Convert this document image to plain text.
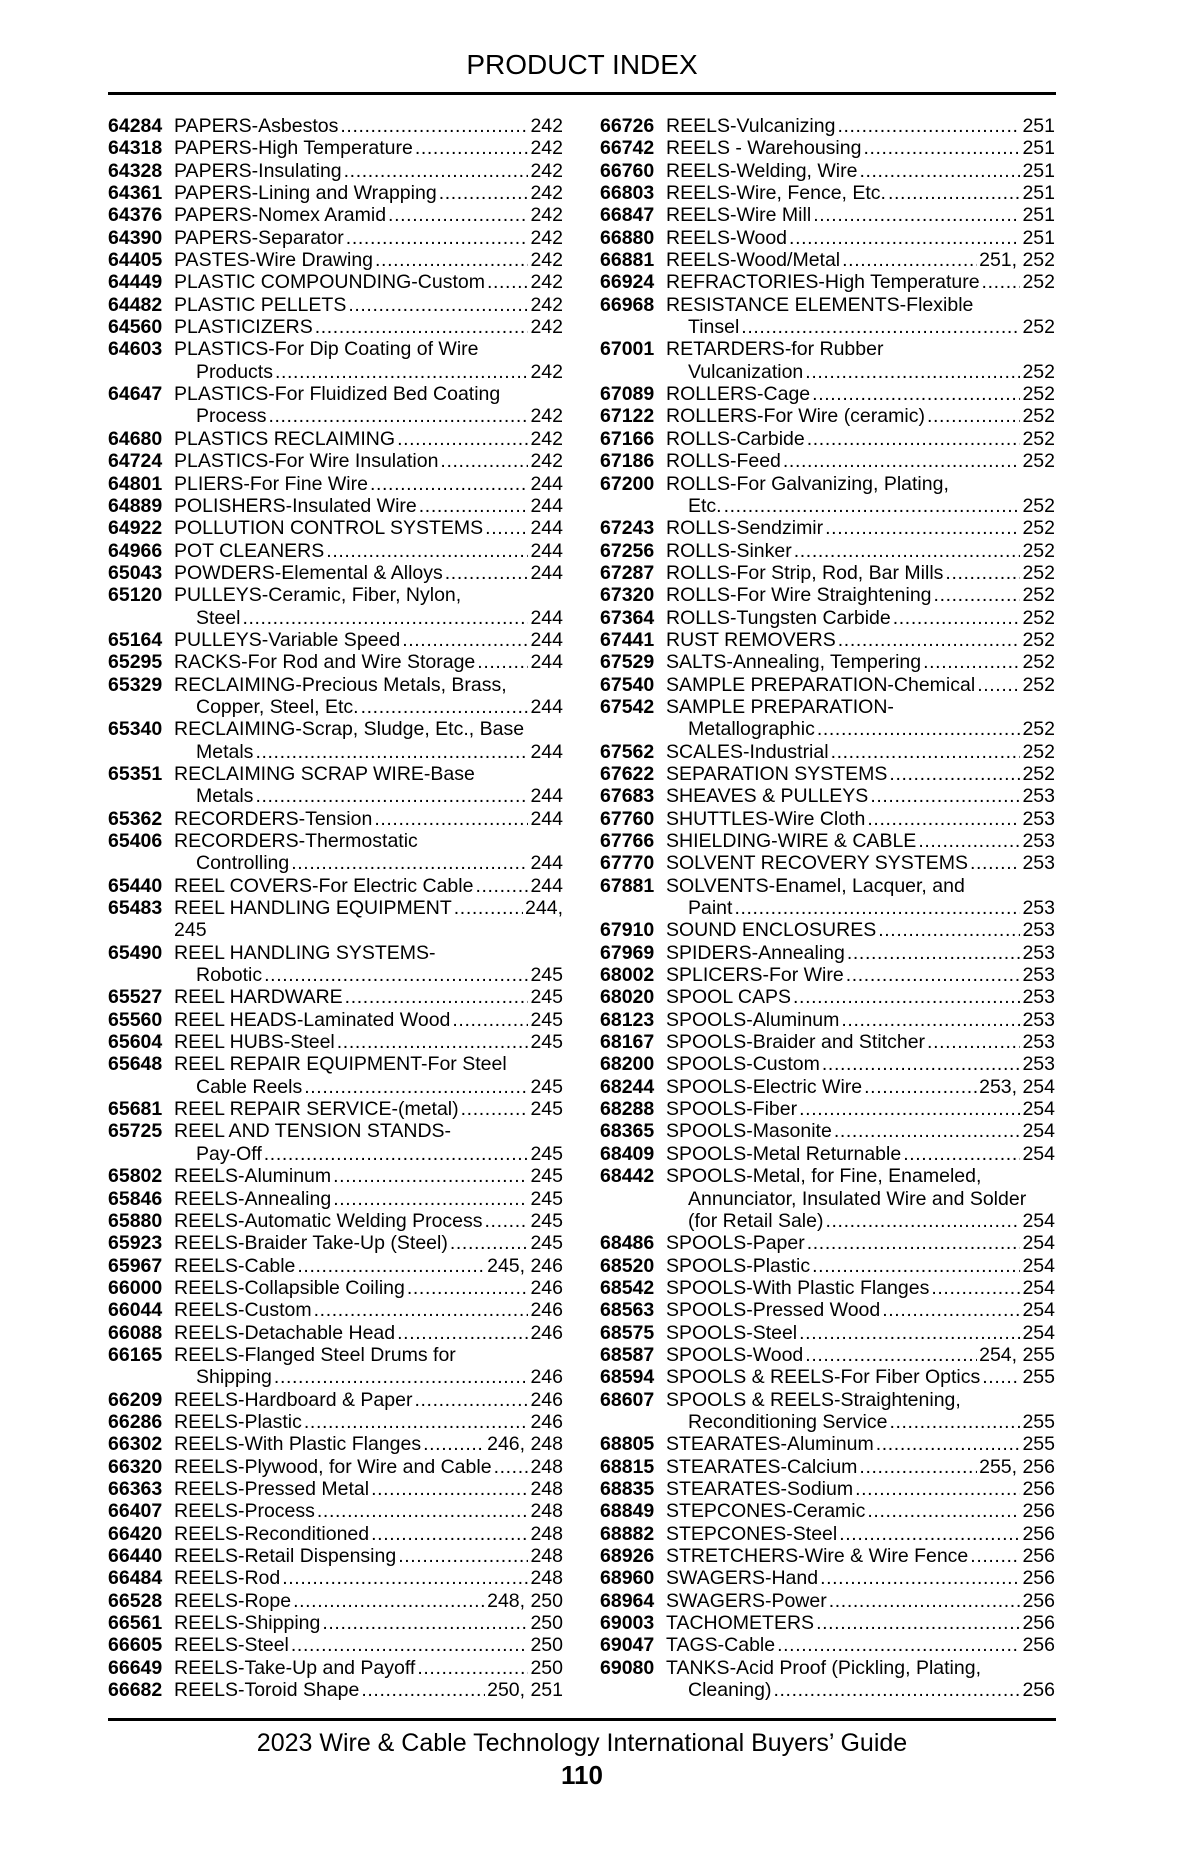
PRODUCT INDEX
64284 PAPERS-Asbestos . . .	242
64318 PAPERS-High Temperature . . .	242
64328 PAPERS-Insulating . . .	242
64361 PAPERS-Lining and Wrapping . . .	242
64376 PAPERS-Nomex Aramid . . .	242
64390 PAPERS-Separator . . .	242
64405 PASTES-Wire Drawing . . .	242
64449 PLASTIC COMPOUNDING-Custom . . . 242
64482 PLASTIC PELLETS . . .	242
64560 PLASTICIZERS . . .	242
64603 PLASTICS-For Dip Coating of Wire
Products . . .	242
64647 PLASTICS-For Fluidized Bed Coating
Process . . .	242
64680 PLASTICS RECLAIMING . . .	242
64724 PLASTICS-For Wire Insulation . . .	242
64801 PLIERS-For Fine Wire . . .	244
64889 POLISHERS-Insulated Wire . . .	244
64922 POLLUTION CONTROL SYSTEMS . . . 244
64966 POT CLEANERS . . .	244
65043 POWDERS-Elemental & Alloys . . .	244
65120 PULLEYS-Ceramic, Fiber, Nylon,
Steel . . .	244
65164 PULLEYS-Variable Speed . . .	244
65295 RACKS-For Rod and Wire Storage . . .	244
65329 RECLAIMING-Precious Metals, Brass,
Copper, Steel, Etc. . . .	244
65340 RECLAIMING-Scrap, Sludge, Etc., Base
Metals . . .	244
65351 RECLAIMING SCRAP WIRE-Base
Metals . . .	244
65362 RECORDERS-Tension . . .	244
65406 RECORDERS-Thermostatic
Controlling . . .	244
65440 REEL COVERS-For Electric Cable . . .	244
65483 REEL HANDLING EQUIPMENT . . .	244,
245
65490 REEL HANDLING SYSTEMS-
Robotic . . .	245
65527 REEL HARDWARE . . .	245
65560 REEL HEADS-Laminated Wood . . .	245
65604 REEL HUBS-Steel . . .	245
65648 REEL REPAIR EQUIPMENT-For Steel
Cable Reels . . .	245
65681 REEL REPAIR SERVICE-(metal) . . .	245
65725 REEL AND TENSION STANDS-
Pay-Off . . .	245
65802 REELS-Aluminum . . .	245
65846 REELS-Annealing . . .	245
65880 REELS-Automatic Welding Process . . . 245
65923 REELS-Braider Take-Up (Steel) . . .	245
65967 REELS-Cable . . .	245, 246
66000 REELS-Collapsible Coiling . . .	246
66044 REELS-Custom . . .	246
66088 REELS-Detachable Head . . .	246
66165 REELS-Flanged Steel Drums for
Shipping . . .	246
66209 REELS-Hardboard & Paper . . .	246
66286 REELS-Plastic . . .	246
66302 REELS-With Plastic Flanges . . .	246, 248
66320 REELS-Plywood, for Wire and Cable . . . 248
66363 REELS-Pressed Metal . . .	248
66407 REELS-Process . . .	248
66420 REELS-Reconditioned . . .	248
66440 REELS-Retail Dispensing . . .	248
66484 REELS-Rod . . .	248
66528 REELS-Rope . . .	248, 250
66561 REELS-Shipping . . .	250
66605 REELS-Steel . . .	250
66649 REELS-Take-Up and Payoff . . .	250
66682 REELS-Toroid Shape . . .	250, 251
66726 REELS-Vulcanizing . . .	251
66742 REELS - Warehousing . . .	251
66760 REELS-Welding, Wire . . .	251
66803 REELS-Wire, Fence, Etc. . . .	251
66847 REELS-Wire Mill . . .	251
66880 REELS-Wood . . .	251
66881 REELS-Wood/Metal . . .	251, 252
66924 REFRACTORIES-High Temperature . . . 252
66968 RESISTANCE ELEMENTS-Flexible
Tinsel . . .	252
67001 RETARDERS-for Rubber
Vulcanization . . .	252
67089 ROLLERS-Cage . . .	252
67122 ROLLERS-For Wire (ceramic) . . .	252
67166 ROLLS-Carbide . . .	252
67186 ROLLS-Feed . . .	252
67200 ROLLS-For Galvanizing, Plating,
Etc. . . .	252
67243 ROLLS-Sendzimir . . .	252
67256 ROLLS-Sinker . . .	252
67287 ROLLS-For Strip, Rod, Bar Mills . . .	252
67320 ROLLS-For Wire Straightening . . .	252
67364 ROLLS-Tungsten Carbide . . .	252
67441 RUST REMOVERS . . .	252
67529 SALTS-Annealing, Tempering . . .	252
67540 SAMPLE PREPARATION-Chemical . . . 252
67542 SAMPLE PREPARATION-
Metallographic . . .	252
67562 SCALES-Industrial . . .	252
67622 SEPARATION SYSTEMS . . .	252
67683 SHEAVES & PULLEYS . . .	253
67760 SHUTTLES-Wire Cloth . . .	253
67766 SHIELDING-WIRE & CABLE . . .	253
67770 SOLVENT RECOVERY SYSTEMS . . .	253
67881 SOLVENTS-Enamel, Lacquer, and
Paint . . .	253
67910 SOUND ENCLOSURES . . .	253
67969 SPIDERS-Annealing . . .	253
68002 SPLICERS-For Wire . . .	253
68020 SPOOL CAPS . . .	253
68123 SPOOLS-Aluminum . . .	253
68167 SPOOLS-Braider and Stitcher . . .	253
68200 SPOOLS-Custom . . .	253
68244 SPOOLS-Electric Wire . . .	253, 254
68288 SPOOLS-Fiber . . .	254
68365 SPOOLS-Masonite . . .	254
68409 SPOOLS-Metal Returnable . . .	254
68442 SPOOLS-Metal, for Fine, Enameled,
Annunciator, Insulated Wire and Solder
(for Retail Sale) . . .	254
68486 SPOOLS-Paper . . .	254
68520 SPOOLS-Plastic . . .	254
68542 SPOOLS-With Plastic Flanges . . .	254
68563 SPOOLS-Pressed Wood . . .	254
68575 SPOOLS-Steel . . .	254
68587 SPOOLS-Wood . . .	254, 255
68594 SPOOLS & REELS-For Fiber Optics . . . 255
68607 SPOOLS & REELS-Straightening,
Reconditioning Service . . .	255
68805 STEARATES-Aluminum . . .	255
68815 STEARATES-Calcium . . .	255, 256
68835 STEARATES-Sodium . . .	256
68849 STEPCONES-Ceramic . . .	256
68882 STEPCONES-Steel . . .	256
68926 STRETCHERS-Wire & Wire Fence . . .	256
68960 SWAGERS-Hand . . .	256
68964 SWAGERS-Power . . .	256
69003 TACHOMETERS . . .	256
69047 TAGS-Cable . . .	256
69080 TANKS-Acid Proof (Pickling, Plating,
Cleaning) . . .	256
2023 Wire & Cable Technology International Buyers’ Guide
110
